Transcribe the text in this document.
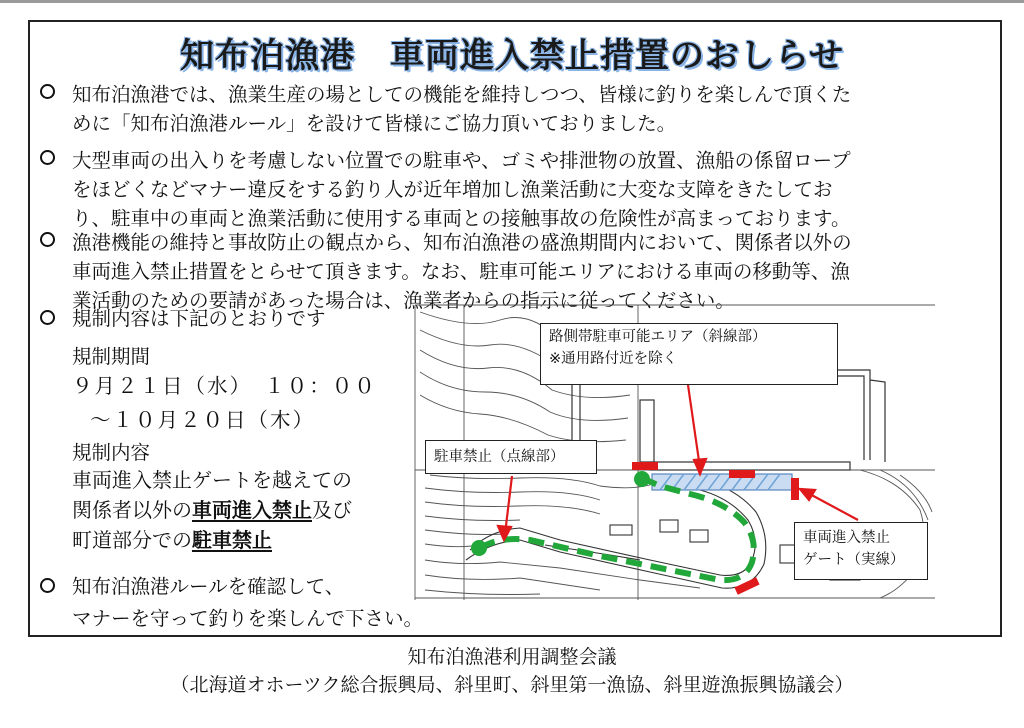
知布泊漁港　車両進入禁止措置のおしらせ
知布泊漁港では、漁業生産の場としての機能を維持しつつ、皆様に釣りを楽しんで頂くた
めに「知布泊漁港ルール」を設けて皆様にご協力頂いておりました。
大型車両の出入りを考慮しない位置での駐車や、ゴミや排泄物の放置、漁船の係留ロープ
をほどくなどマナー違反をする釣り人が近年増加し漁業活動に大変な支障をきたしてお
り、駐車中の車両と漁業活動に使用する車両との接触事故の危険性が高まっております。
漁港機能の維持と事故防止の観点から、知布泊漁港の盛漁期間内において、関係者以外の
車両進入禁止措置をとらせて頂きます。なお、駐車可能エリアにおける車両の移動等、漁
業活動のための要請があった場合は、漁業者からの指示に従ってください。
路側帯駐車可能エリア（斜線部）
※通用路付近を除く
駐車禁止（点線部）
車両進入禁止
ゲート（実線）
規制内容は下記のとおりです
規制期間
９月２１日（水）　１０：００
～１０月２０日（木）
規制内容
車両進入禁止ゲートを越えての
関係者以外の車両進入禁止及び
町道部分での駐車禁止
知布泊漁港ルールを確認して、
マナーを守って釣りを楽しんで下さい。
知布泊漁港利用調整会議
（北海道オホーツク総合振興局、斜里町、斜里第一漁協、斜里遊漁振興協議会）
